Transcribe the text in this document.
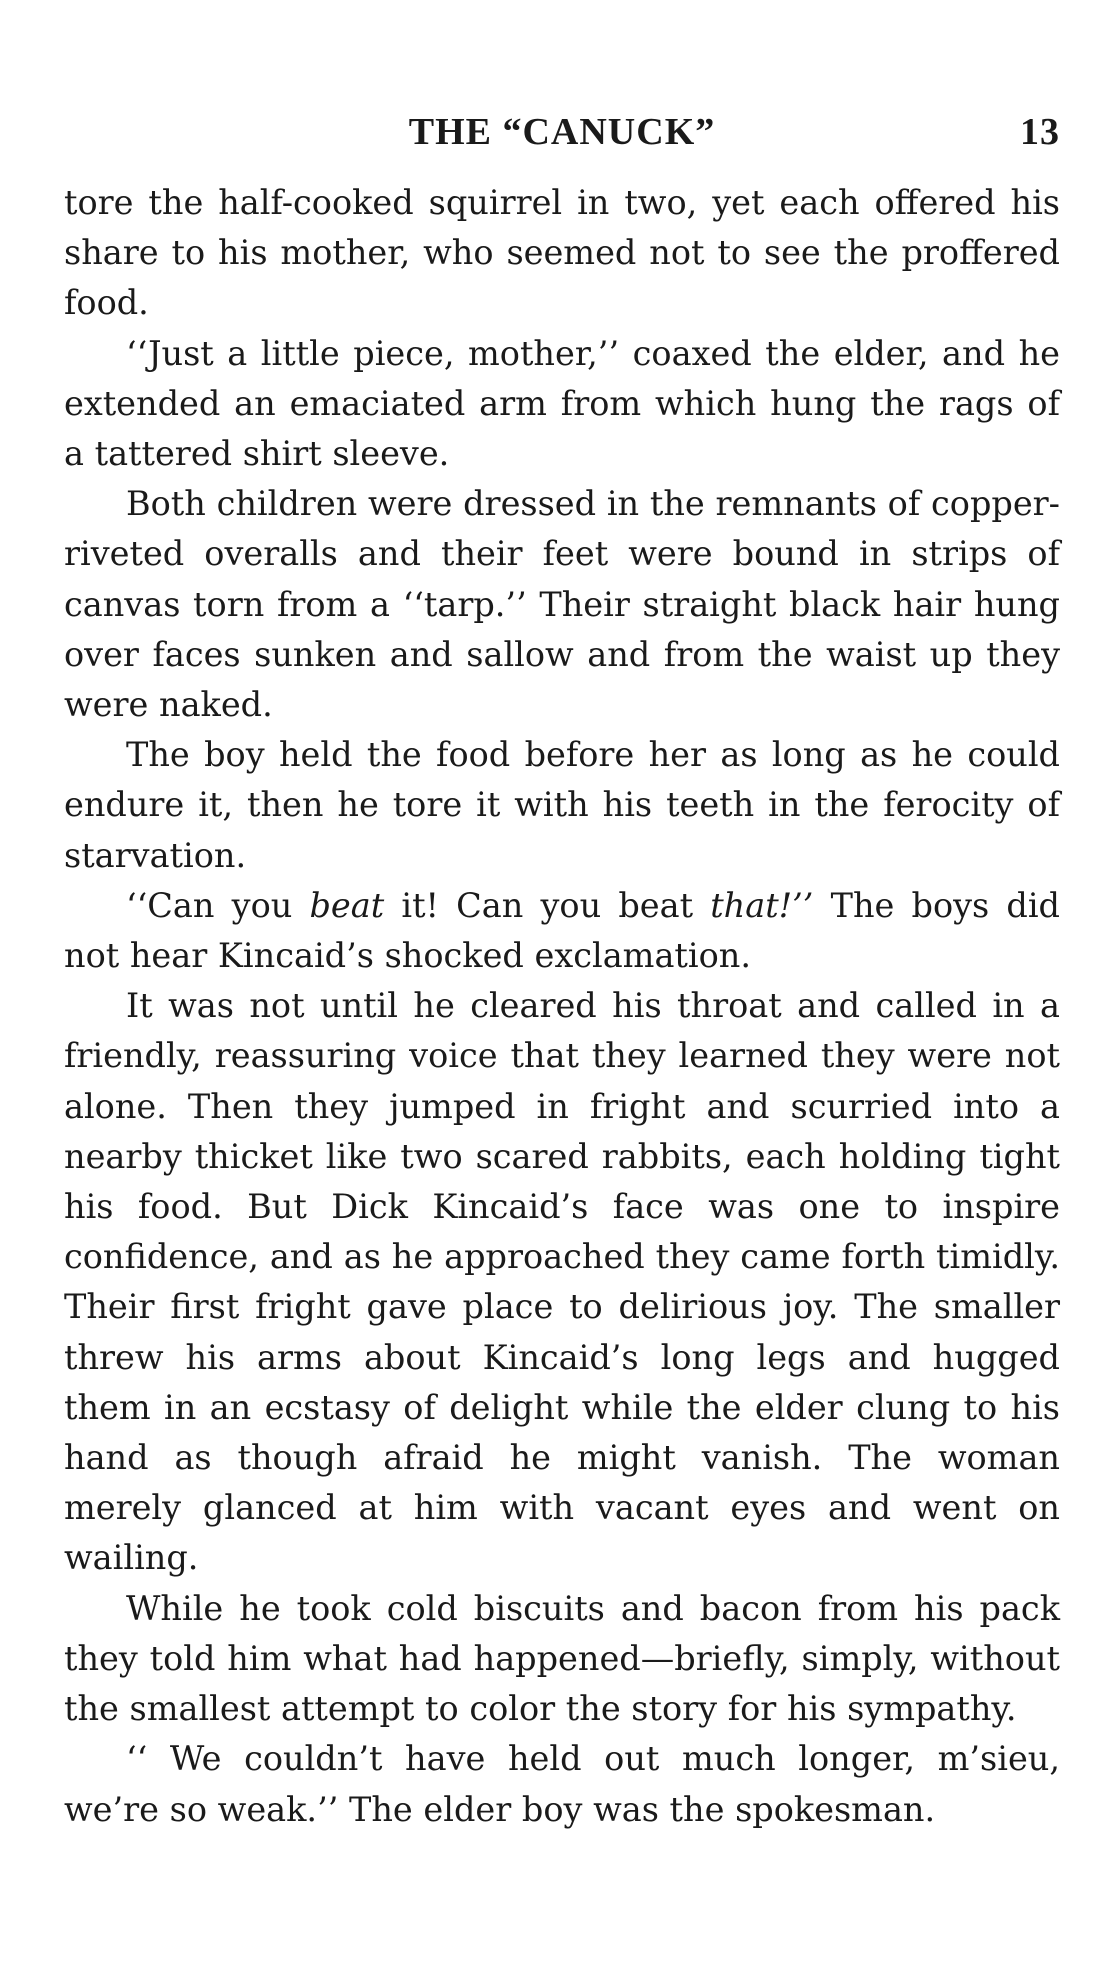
THE “CANUCK”	13

tore the half-cooked squirrel in two, yet each offered his share to his mother, who seemed not to see the proffered food.

‘‘Just a little piece, mother,’’ coaxed the elder, and he extended an emaciated arm from which hung the rags of a tattered shirt sleeve.

Both children were dressed in the remnants of copper-riveted overalls and their feet were bound in strips of canvas torn from a ‘‘tarp.’’ Their straight black hair hung over faces sunken and sallow and from the waist up they were naked.

The boy held the food before her as long as he could endure it, then he tore it with his teeth in the ferocity of starvation.

‘‘Can you beat it! Can you beat that!’’ The boys did not hear Kincaid’s shocked exclamation.

It was not until he cleared his throat and called in a friendly, reassuring voice that they learned they were not alone. Then they jumped in fright and scurried into a nearby thicket like two scared rabbits, each holding tight his food. But Dick Kincaid’s face was one to inspire confidence, and as he approached they came forth timidly. Their first fright gave place to delirious joy. The smaller threw his arms about Kincaid’s long legs and hugged them in an ecstasy of delight while the elder clung to his hand as though afraid he might vanish. The woman merely glanced at him with vacant eyes and went on wailing.

While he took cold biscuits and bacon from his pack they told him what had happened—briefly, simply, without the smallest attempt to color the story for his sympathy.

‘‘ We couldn’t have held out much longer, m’sieu, we’re so weak.’’ The elder boy was the spokesman.
